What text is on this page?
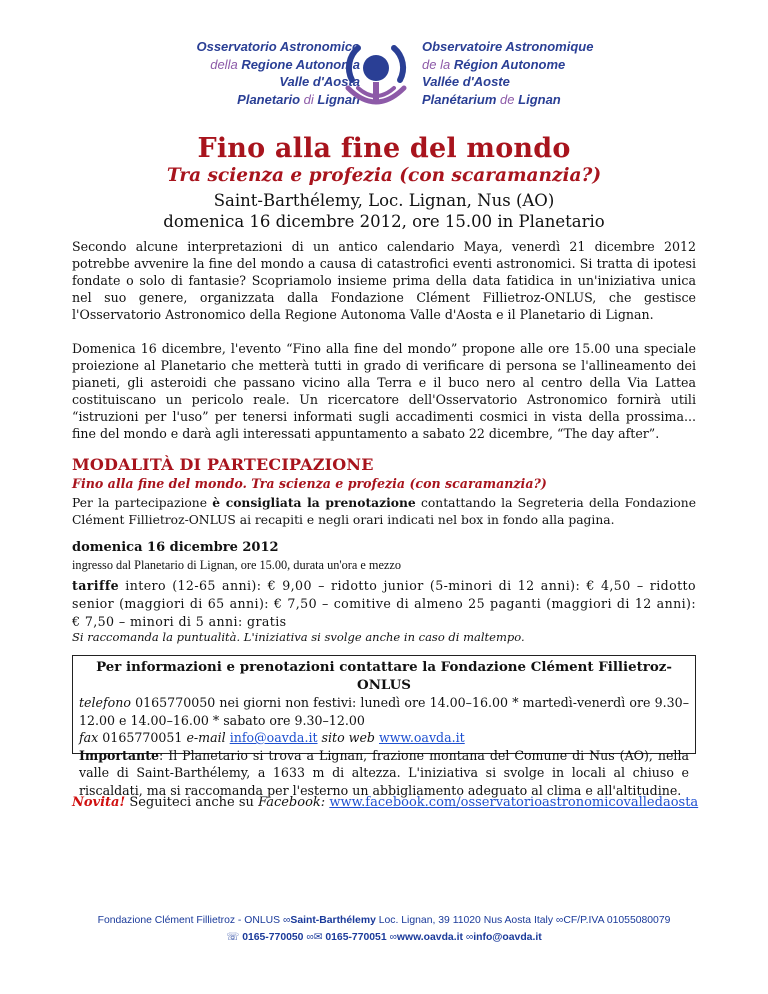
Osservatorio Astronomico
della Regione Autonoma
Valle d'Aosta
Planetario di Lignan
Observatoire Astronomique
de la Région Autonome
Vallée d'Aoste
Planétarium de Lignan
Fino alla fine del mondo
Tra scienza e profezia (con scaramanzia?)
Saint-Barthélemy, Loc. Lignan, Nus (AO)
domenica 16 dicembre 2012, ore 15.00 in Planetario
Secondo alcune interpretazioni di un antico calendario Maya, venerdì 21 dicembre 2012 potrebbe avvenire la fine del mondo a causa di catastrofici eventi astronomici. Si tratta di ipotesi fondate o solo di fantasie? Scopriamolo insieme prima della data fatidica in un'iniziativa unica nel suo genere, organizzata dalla Fondazione Clément Fillietroz-ONLUS, che gestisce l'Osservatorio Astronomico della Regione Autonoma Valle d'Aosta e il Planetario di Lignan.
Domenica 16 dicembre, l'evento “Fino alla fine del mondo” propone alle ore 15.00 una speciale proiezione al Planetario che metterà tutti in grado di verificare di persona se l'allineamento dei pianeti, gli asteroidi che passano vicino alla Terra e il buco nero al centro della Via Lattea costituiscano un pericolo reale. Un ricercatore dell'Osservatorio Astronomico fornirà utili “istruzioni per l'uso” per tenersi informati sugli accadimenti cosmici in vista della prossima... fine del mondo e darà agli interessati appuntamento a sabato 22 dicembre, “The day after”.
MODALITÀ DI PARTECIPAZIONE
Fino alla fine del mondo. Tra scienza e profezia (con scaramanzia?)
Per la partecipazione è consigliata la prenotazione contattando la Segreteria della Fondazione Clément Fillietroz-ONLUS ai recapiti e negli orari indicati nel box in fondo alla pagina.
domenica 16 dicembre 2012
ingresso dal Planetario di Lignan, ore 15.00, durata un'ora e mezzo
tariffe intero (12-65 anni): € 9,00 – ridotto junior (5-minori di 12 anni): € 4,50 – ridotto senior (maggiori di 65 anni): € 7,50 – comitive di almeno 25 paganti (maggiori di 12 anni): € 7,50 – minori di 5 anni: gratis
Si raccomanda la puntualità. L'iniziativa si svolge anche in caso di maltempo.
Per informazioni e prenotazioni contattare la Fondazione Clément Fillietroz-ONLUS
telefono 0165770050 nei giorni non festivi: lunedì ore 14.00–16.00 * martedì-venerdì ore 9.30–12.00 e 14.00–16.00 * sabato ore 9.30–12.00
fax 0165770051 e-mail info@oavda.it sito web www.oavda.it
Importante: Il Planetario si trova a Lignan, frazione montana del Comune di Nus (AO), nella valle di Saint-Barthélemy, a 1633 m di altezza. L'iniziativa si svolge in locali al chiuso e riscaldati, ma si raccomanda per l'esterno un abbigliamento adeguato al clima e all'altitudine.
Novita! Seguiteci anche su Facebook: www.facebook.com/osservatorioastronomicovalledaosta
Fondazione Clément Fillietroz - ONLUS ∞Saint-Barthélemy Loc. Lignan, 39 11020 Nus Aosta Italy ∞CF/P.IVA 01055080079
☏ 0165-770050 ∞✉ 0165-770051 ∞www.oavda.it ∞info@oavda.it
